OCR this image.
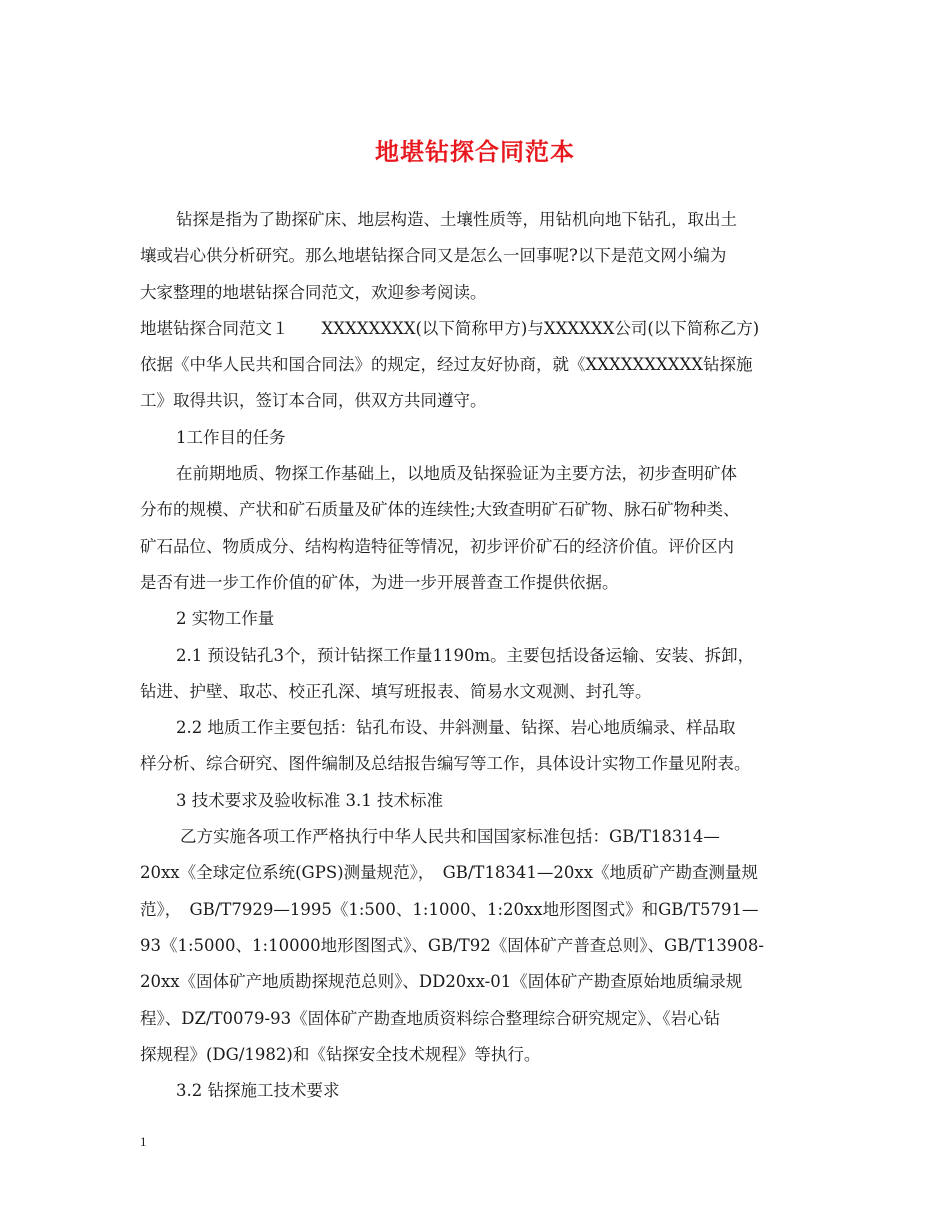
地堪钻探合同范本
钻探是指为了勘探矿床、地层构造、土壤性质等，用钻机向地下钻孔，取出土
壤或岩心供分析研究。那么地堪钻探合同又是怎么一回事呢?以下是范文网小编为
大家整理的地堪钻探合同范文，欢迎参考阅读。
地堪钻探合同范文１　　XXXXXXXX(以下简称甲方)与XXXXXX公司(以下简称乙方)
依据《中华人民共和国合同法》的规定，经过友好协商，就《XXXXXXXXXX钻探施
工》取得共识，签订本合同，供双方共同遵守。
1工作目的任务
在前期地质、物探工作基础上，以地质及钻探验证为主要方法，初步查明矿体
分布的规模、产状和矿石质量及矿体的连续性;大致查明矿石矿物、脉石矿物种类、
矿石品位、物质成分、结构构造特征等情况，初步评价矿石的经济价值。评价区内
是否有进一步工作价值的矿体，为进一步开展普查工作提供依据。
2 实物工作量
2.1 预设钻孔3个，预计钻探工作量1190m。主要包括设备运输、安装、拆卸，
钻进、护壁、取芯、校正孔深、填写班报表、简易水文观测、封孔等。
2.2 地质工作主要包括：钻孔布设、井斜测量、钻探、岩心地质编录、样品取
样分析、综合研究、图件编制及总结报告编写等工作，具体设计实物工作量见附表。
3 技术要求及验收标准 3.1 技术标准
乙方实施各项工作严格执行中华人民共和国国家标准包括：GB/T18314—
20xx《全球定位系统(GPS)测量规范》，　GB/T18341—20xx《地质矿产勘查测量规
范》，　GB/T7929—1995《1:500、1:1000、1:20xx地形图图式》和GB/T5791—
93《1:5000、1:10000地形图图式》、GB/T92《固体矿产普查总则》、GB/T13908-
20xx《固体矿产地质勘探规范总则》、DD20xx-01《固体矿产勘查原始地质编录规
程》、DZ/T0079-93《固体矿产勘查地质资料综合整理综合研究规定》、《岩心钻
探规程》(DG/1982)和《钻探安全技术规程》等执行。
3.2 钻探施工技术要求
1
